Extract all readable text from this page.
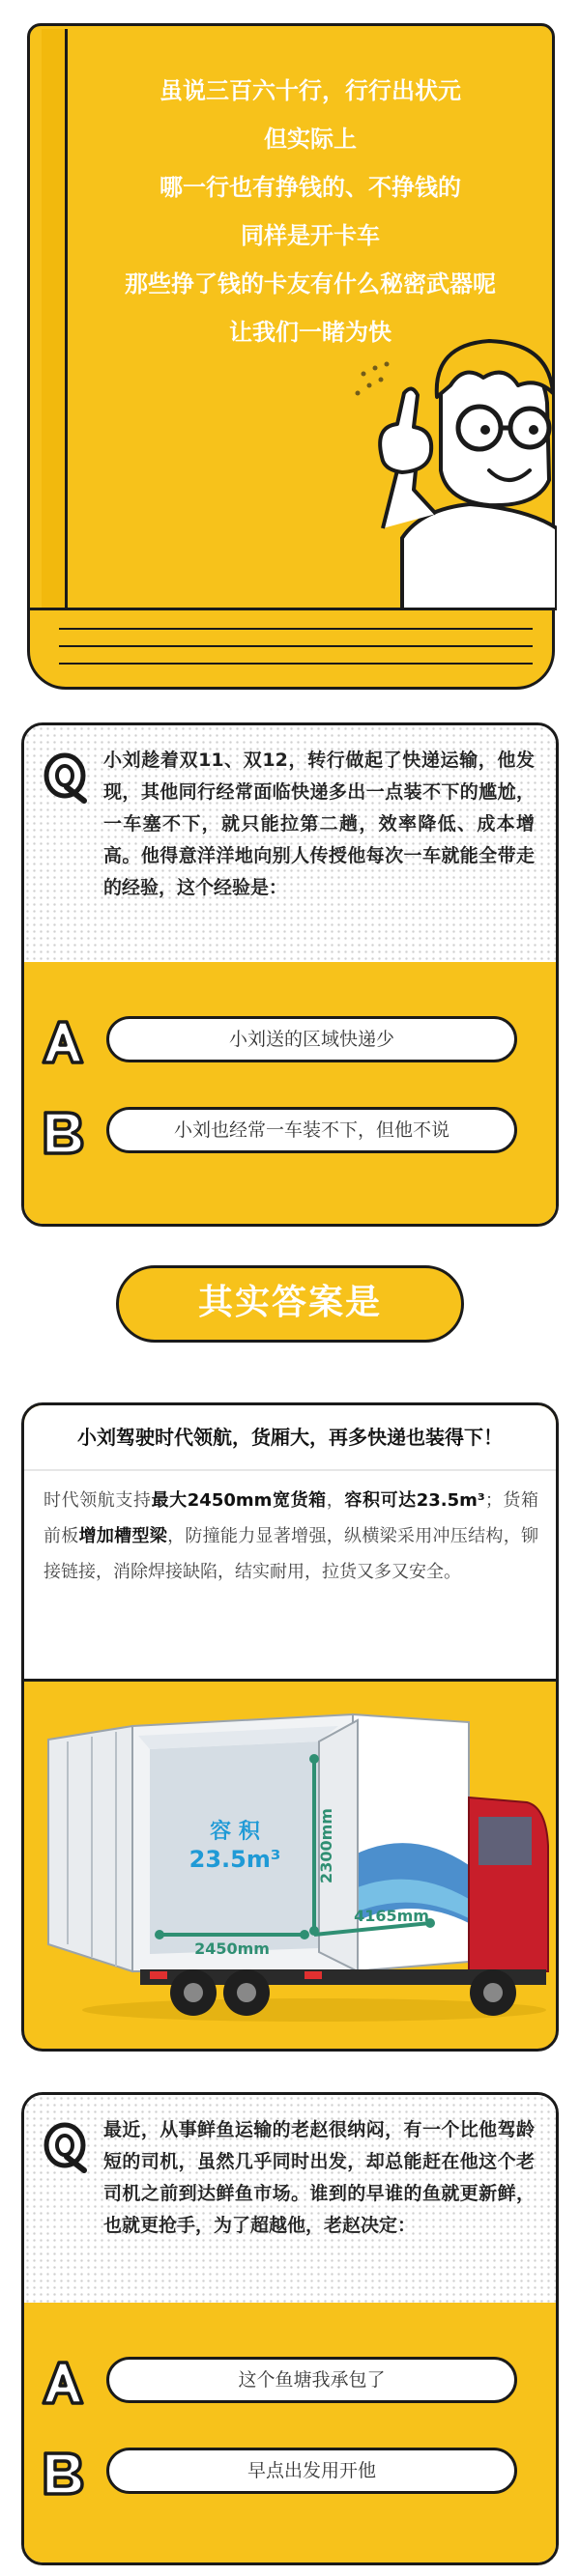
虽说三百六十行，行行出状元
但实际上
哪一行也有挣钱的、不挣钱的
同样是开卡车
那些挣了钱的卡友有什么秘密武器呢
让我们一睹为快
小刘趁着双11、双12，转行做起了快递运输，他发现，其他同行经常面临快递多出一点装不下的尴尬，一车塞不下，就只能拉第二趟，效率降低、成本增高。他得意洋洋地向别人传授他每次一车就能全带走的经验，这个经验是：
小刘送的区域快递少
小刘也经常一车装不下，但他不说
其实答案是
小刘驾驶时代领航，货厢大，再多快递也装得下！
时代领航支持最大2450mm宽货箱，容积可达23.5m³；货箱前板增加槽型梁，防撞能力显著增强，纵横梁采用冲压结构，铆接链接，消除焊接缺陷，结实耐用，拉货又多又安全。
容 积
23.5m³
2450mm
2300mm
4165mm
最近，从事鲜鱼运输的老赵很纳闷，有一个比他驾龄短的司机，虽然几乎同时出发，却总能赶在他这个老司机之前到达鲜鱼市场。谁到的早谁的鱼就更新鲜，也就更抢手，为了超越他，老赵决定：
这个鱼塘我承包了
早点出发用开他
